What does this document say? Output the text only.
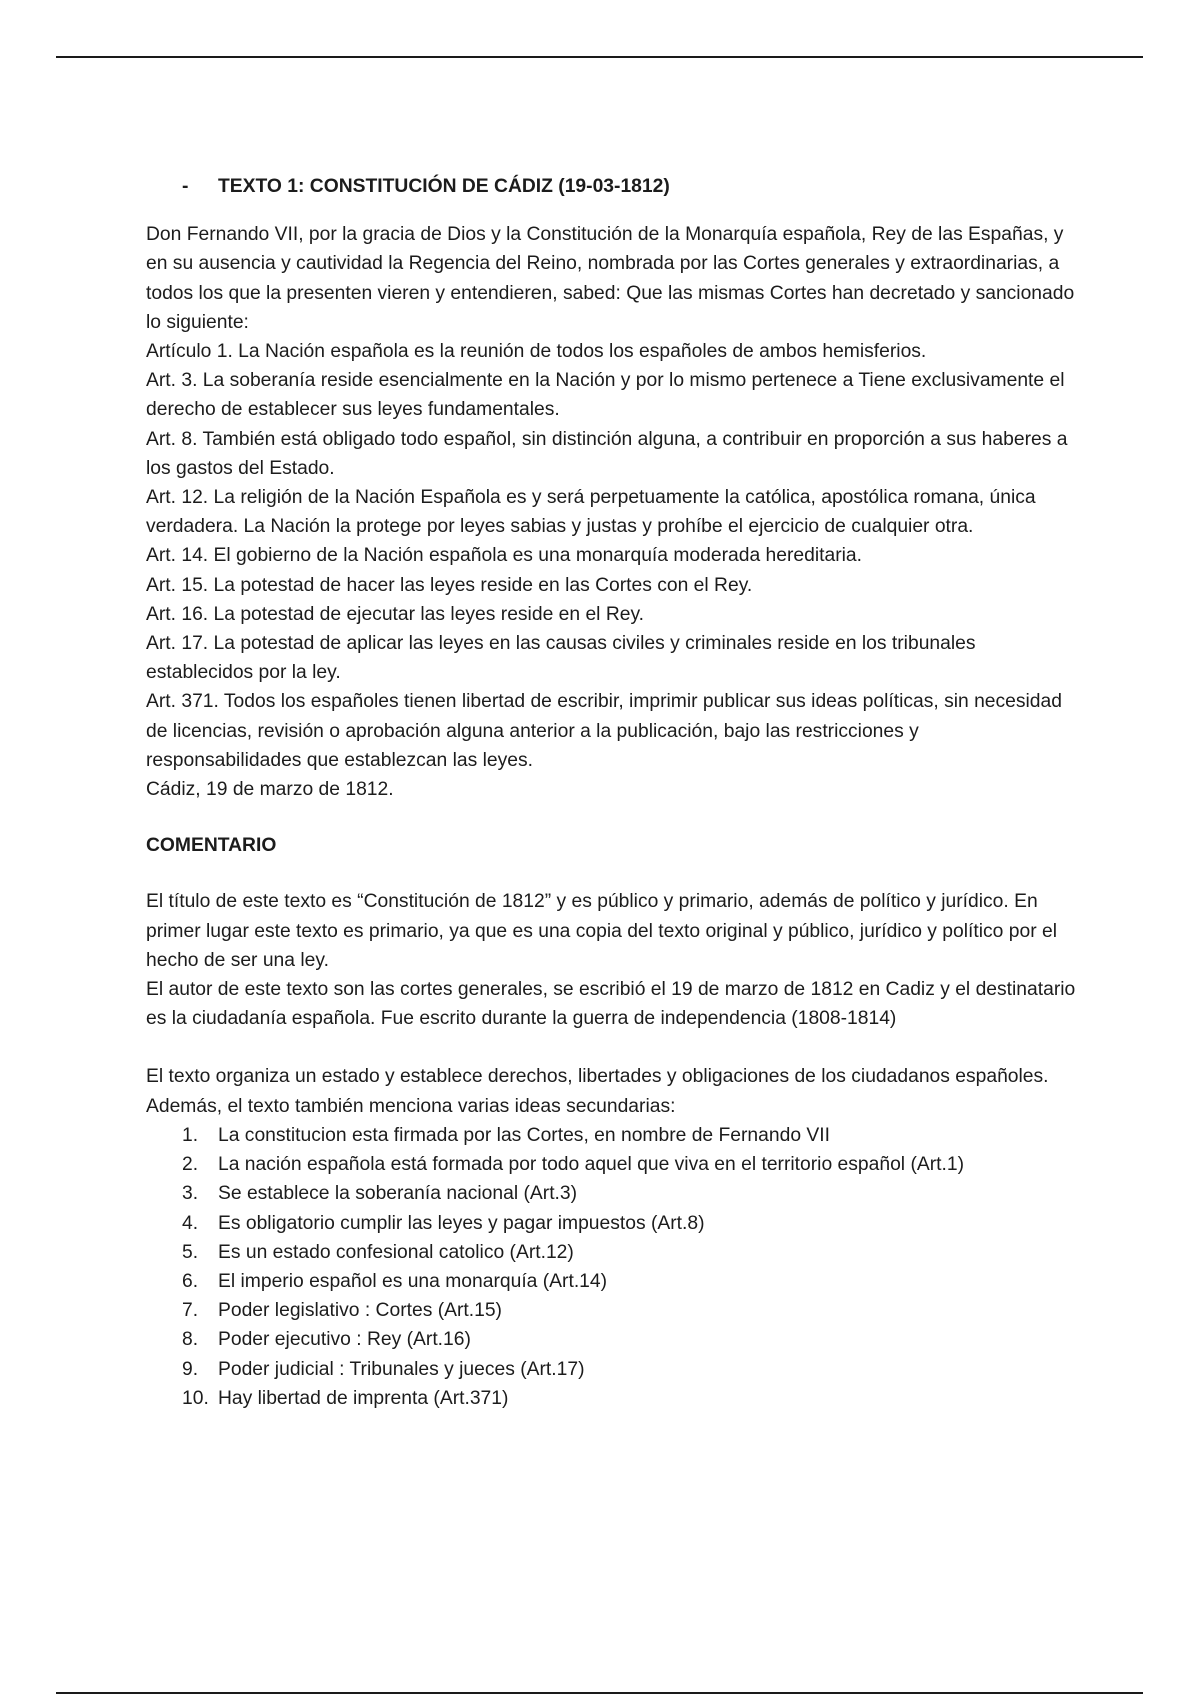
-	TEXTO 1: CONSTITUCIÓN DE CÁDIZ (19-03-1812)

Don Fernando VII, por la gracia de Dios y la Constitución de la Monarquía española, Rey de las Españas, y en su ausencia y cautividad la Regencia del Reino, nombrada por las Cortes generales y extraordinarias, a todos los que la presenten vieren y entendieren, sabed: Que las mismas Cortes han decretado y sancionado lo siguiente:

Artículo 1. La Nación española es la reunión de todos los españoles de ambos hemisferios.

Art. 3. La soberanía reside esencialmente en la Nación y por lo mismo pertenece a Tiene exclusivamente el derecho de establecer sus leyes fundamentales.

Art. 8. También está obligado todo español, sin distinción alguna, a contribuir en proporción a sus haberes a los gastos del Estado.

Art. 12. La religión de la Nación Española es y será perpetuamente la católica, apostólica romana, única verdadera. La Nación la protege por leyes sabias y justas y prohíbe el ejercicio de cualquier otra.

Art. 14. El gobierno de la Nación española es una monarquía moderada hereditaria.

Art. 15. La potestad de hacer las leyes reside en las Cortes con el Rey.

Art. 16. La potestad de ejecutar las leyes reside en el Rey.

Art. 17. La potestad de aplicar las leyes en las causas civiles y criminales reside en los tribunales establecidos por la ley.

Art. 371. Todos los españoles tienen libertad de escribir, imprimir publicar sus ideas políticas, sin necesidad de licencias, revisión o aprobación alguna anterior a la publicación, bajo las restricciones y responsabilidades que establezcan las leyes.

Cádiz, 19 de marzo de 1812.

COMENTARIO

El título de este texto es “Constitución de 1812” y es público y primario, además de político y jurídico. En primer lugar este texto es primario, ya que es una copia del texto original y público, jurídico y político por el hecho de ser una ley.

El autor de este texto son las cortes generales, se escribió el 19 de marzo de 1812 en Cadiz y el destinatario es la ciudadanía española. Fue escrito durante la guerra de independencia (1808-1814)

El texto organiza un estado y establece derechos, libertades y obligaciones de los ciudadanos españoles. Además, el texto también menciona varias ideas secundarias:

1.	La constitucion esta firmada por las Cortes, en nombre de Fernando VII
2.	La nación española está formada por todo aquel que viva en el territorio español (Art.1)
3.	Se establece la soberanía nacional (Art.3)
4.	Es obligatorio cumplir las leyes y pagar impuestos (Art.8)
5.	Es un estado confesional catolico (Art.12)
6.	El imperio español es una monarquía (Art.14)
7.	Poder legislativo : Cortes (Art.15)
8.	Poder ejecutivo : Rey (Art.16)
9.	Poder judicial : Tribunales y jueces (Art.17)
10. Hay libertad de imprenta (Art.371)
